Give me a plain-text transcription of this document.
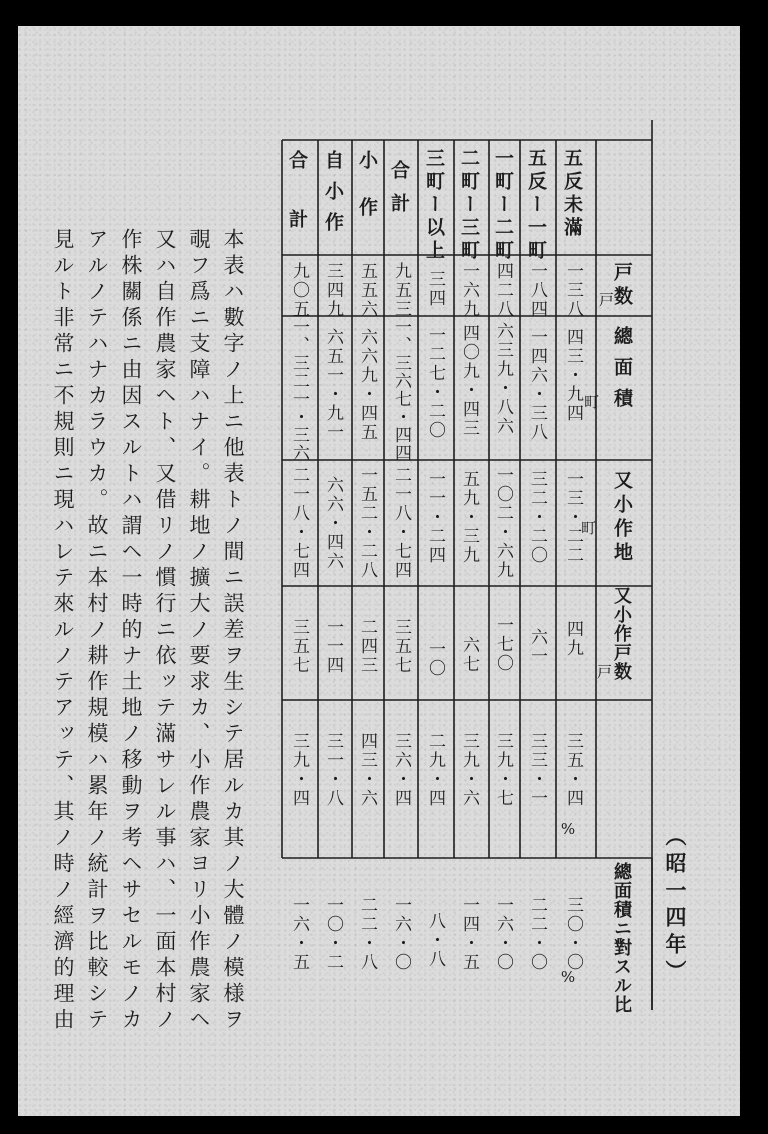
五反未滿
五反ー一町
一町ー二町
二町ー三町
三町ー以上
合計
小作
自小作
合計
戸数
總面積
又小作地
又小作戸数
總面積ニ對スル比
戸
町
町
戸
%
%
一三八
一八四
四二八
一六九
三四
九五三
五五六
三四九
九〇五
四三・九四
一四六・三八
六三九・八六
四〇九・四三
一二七・二〇
一、三六七・四四
六六九・四五
六五一・九一
一、三二一・三六
一三・二二
三二・二〇
一〇二・六九
五九・三九
一一・二四
二一八・七四
一五二・二八
六六・四六
二一八・七四
四九
六一
一七〇
六七
一〇
三五七
二四三
一一四
三五七
三五・四
三三・一
三九・七
三九・六
二九・四
三六・四
四三・六
三一・八
三九・四
三〇・〇
二二・〇
一六・〇
一四・五
八・八
一六・〇
二二・八
一〇・二
一六・五	（昭一四年）

本表ハ數字ノ上ニ他表トノ間ニ誤差ヲ生シテ居ルカ其ノ大體ノ模様ヲ

覗フ爲ニ支障ハナイ。耕地ノ擴大ノ要求カ、小作農家ヨリ小作農家ヘ

又ハ自作農家ヘト、又借リノ慣行ニ依ッテ滿サレル事ハ、一面本村ノ

作株關係ニ由因スルトハ謂ヘ一時的ナ土地ノ移動ヲ考ヘサセルモノカ

アルノテハナカラウカ。故ニ本村ノ耕作規模ハ累年ノ統計ヲ比較シテ

見ルト非常ニ不規則ニ現ハレテ來ルノテアッテ、其ノ時ノ經濟的理由
